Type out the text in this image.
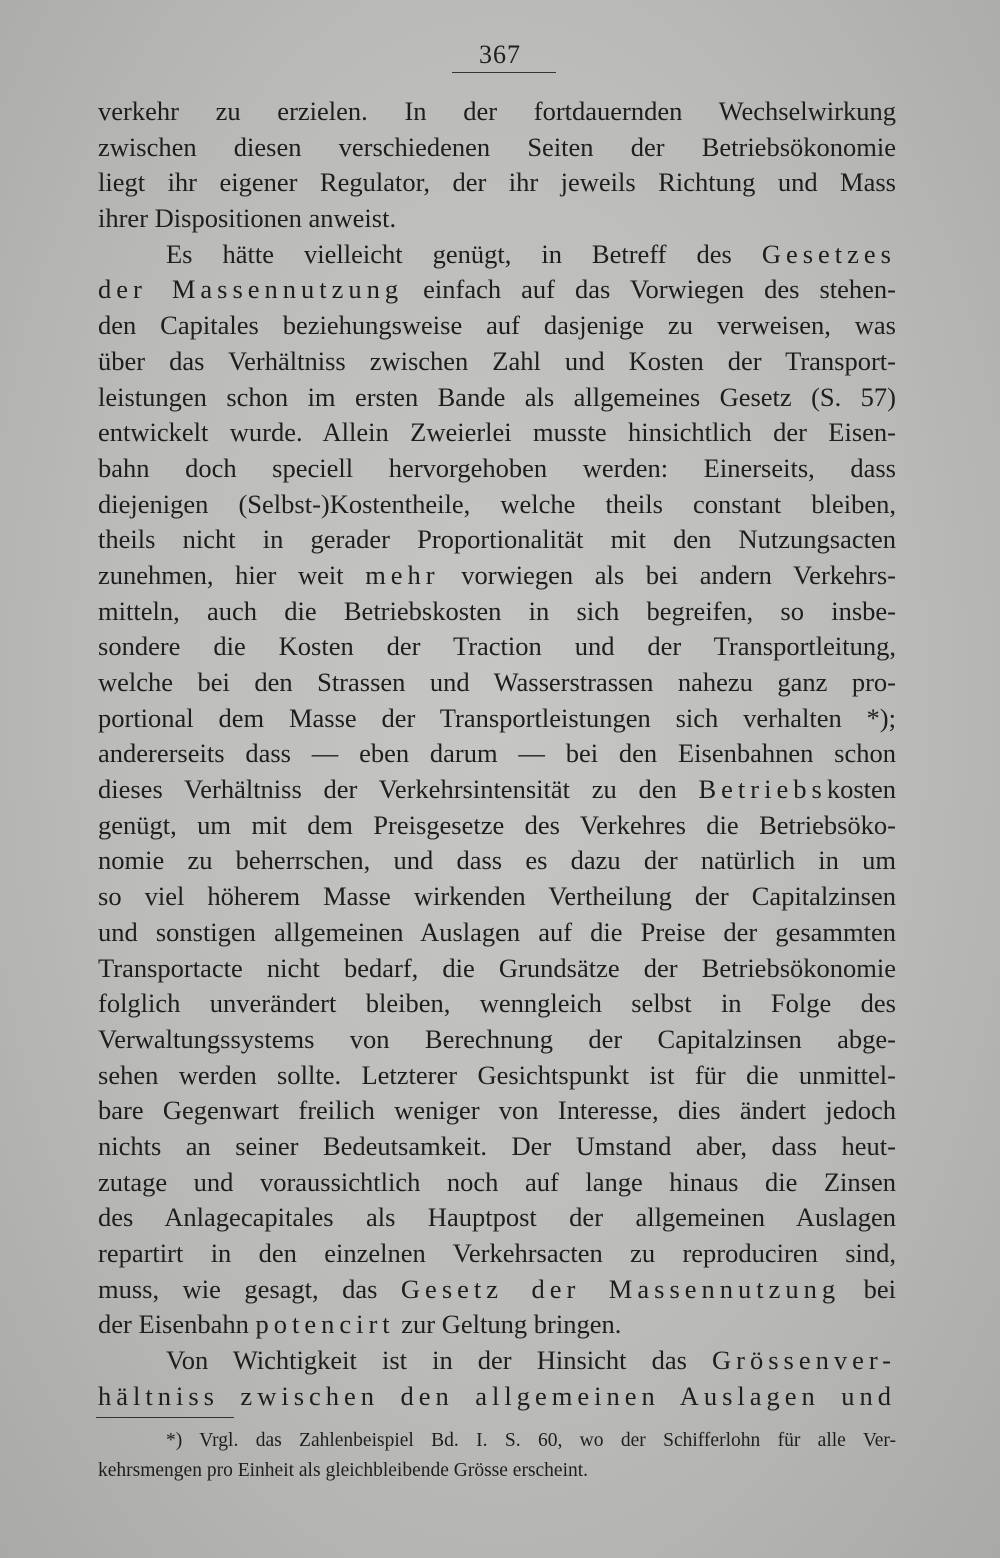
367
verkehr zu erzielen. In der fortdauernden Wechselwirkung
zwischen diesen verschiedenen Seiten der Betriebsökonomie
liegt ihr eigener Regulator, der ihr jeweils Richtung und Mass
ihrer Dispositionen anweist.
Es hätte vielleicht genügt, in Betreff des Gesetzes
der Massennutzung einfach auf das Vorwiegen des stehen-
den Capitales beziehungsweise auf dasjenige zu verweisen, was
über das Verhältniss zwischen Zahl und Kosten der Transport-
leistungen schon im ersten Bande als allgemeines Gesetz (S. 57)
entwickelt wurde. Allein Zweierlei musste hinsichtlich der Eisen-
bahn doch speciell hervorgehoben werden: Einerseits, dass
diejenigen (Selbst-)Kostentheile, welche theils constant bleiben,
theils nicht in gerader Proportionalität mit den Nutzungsacten
zunehmen, hier weit mehr vorwiegen als bei andern Verkehrs-
mitteln, auch die Betriebskosten in sich begreifen, so insbe-
sondere die Kosten der Traction und der Transportleitung,
welche bei den Strassen und Wasserstrassen nahezu ganz pro-
portional dem Masse der Transportleistungen sich verhalten *);
andererseits dass — eben darum — bei den Eisenbahnen schon
dieses Verhältniss der Verkehrsintensität zu den Betriebskosten
genügt, um mit dem Preisgesetze des Verkehres die Betriebsöko-
nomie zu beherrschen, und dass es dazu der natürlich in um
so viel höherem Masse wirkenden Vertheilung der Capitalzinsen
und sonstigen allgemeinen Auslagen auf die Preise der gesammten
Transportacte nicht bedarf, die Grundsätze der Betriebsökonomie
folglich unverändert bleiben, wenngleich selbst in Folge des
Verwaltungssystems von Berechnung der Capitalzinsen abge-
sehen werden sollte. Letzterer Gesichtspunkt ist für die unmittel-
bare Gegenwart freilich weniger von Interesse, dies ändert jedoch
nichts an seiner Bedeutsamkeit. Der Umstand aber, dass heut-
zutage und voraussichtlich noch auf lange hinaus die Zinsen
des Anlagecapitales als Hauptpost der allgemeinen Auslagen
repartirt in den einzelnen Verkehrsacten zu reproduciren sind,
muss, wie gesagt, das Gesetz der Massennutzung bei
der Eisenbahn potencirt zur Geltung bringen.
Von Wichtigkeit ist in der Hinsicht das Grössenver-
hältniss zwischen den allgemeinen Auslagen und
*) Vrgl. das Zahlenbeispiel Bd. I. S. 60, wo der Schifferlohn für alle Ver-
kehrsmengen pro Einheit als gleichbleibende Grösse erscheint.
